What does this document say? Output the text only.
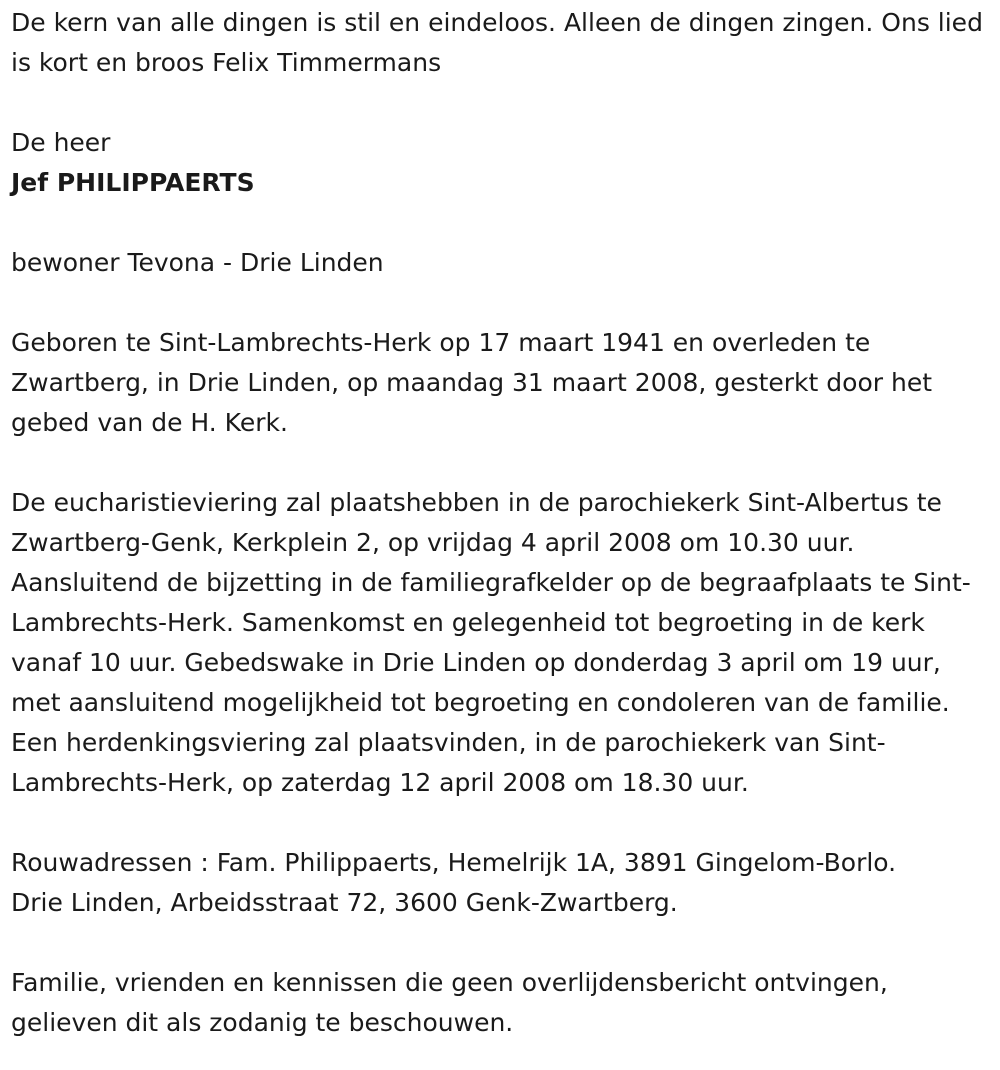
De kern van alle dingen is stil en eindeloos. Alleen de dingen zingen. Ons lied is kort en broos Felix Timmermans

De heer

Jef PHILIPPAERTS

bewoner Tevona - Drie Linden

Geboren te Sint-Lambrechts-Herk op 17 maart 1941 en overleden te Zwartberg, in Drie Linden, op maandag 31 maart 2008, gesterkt door het gebed van de H. Kerk.

De eucharistieviering zal plaatshebben in de parochiekerk Sint-Albertus te Zwartberg-Genk, Kerkplein 2, op vrijdag 4 april 2008 om 10.30 uur. Aansluitend de bijzetting in de familiegrafkelder op de begraafplaats te Sint-Lambrechts-Herk. Samenkomst en gelegenheid tot begroeting in de kerk vanaf 10 uur. Gebedswake in Drie Linden op donderdag 3 april om 19 uur, met aansluitend mogelijkheid tot begroeting en condoleren van de familie. Een herdenkingsviering zal plaatsvinden, in de parochiekerk van Sint-Lambrechts-Herk, op zaterdag 12 april 2008 om 18.30 uur.

Rouwadressen : Fam. Philippaerts, Hemelrijk 1A, 3891 Gingelom-Borlo.

Drie Linden, Arbeidsstraat 72, 3600 Genk-Zwartberg.

Familie, vrienden en kennissen die geen overlijdensbericht ontvingen, gelieven dit als zodanig te beschouwen.
